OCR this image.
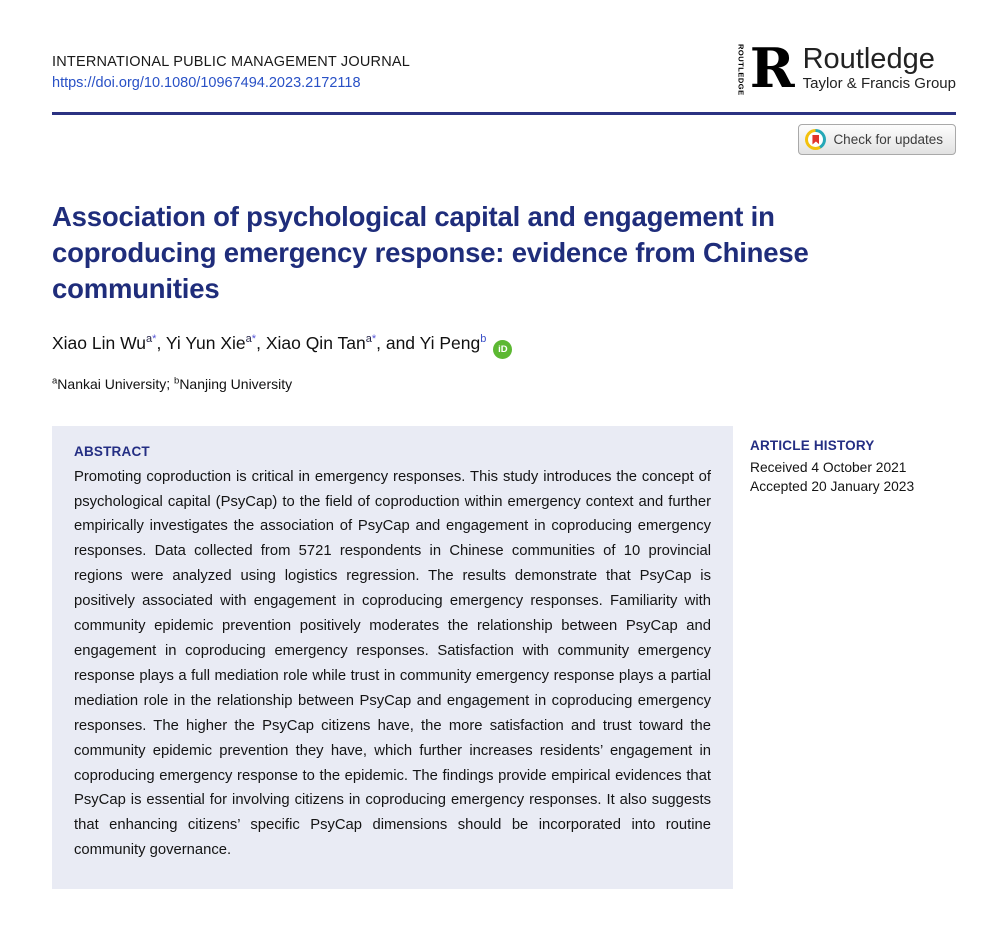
INTERNATIONAL PUBLIC MANAGEMENT JOURNAL
https://doi.org/10.1080/10967494.2023.2172118	ROUTLEDGE R Routledge
Taylor & Francis Group
Check for updates
Association of psychological capital and engagement in coproducing emergency response: evidence from Chinese communities
Xiao Lin Wu$^{a*}$, Yi Yun Xie$^{a*}$, Xiao Qin Tan$^{a*}$, and Yi Peng$^b$iD
$^a$Nankai University; $^b$Nanjing University
ABSTRACT
Promoting coproduction is critical in emergency responses. This study introduces the concept of psychological capital (PsyCap) to the field of coproduction within emergency context and further empirically investigates the association of PsyCap and engagement in coproducing emergency responses. Data collected from 5721 respondents in Chinese communities of 10 provincial regions were analyzed using logistics regression. The results demonstrate that PsyCap is positively associated with engagement in coproducing emergency responses. Familiarity with community epidemic prevention positively moderates the relationship between PsyCap and engagement in coproducing emergency responses. Satisfaction with community emergency response plays a full mediation role while trust in community emergency response plays a partial mediation role in the relationship between PsyCap and engagement in coproducing emergency responses. The higher the PsyCap citizens have, the more satisfaction and trust toward the community epidemic prevention they have, which further increases residents’ engagement in coproducing emergency response to the epidemic. The findings provide empirical evidences that PsyCap is essential for involving citizens in coproducing emergency responses. It also suggests that enhancing citizens’ specific PsyCap dimensions should be incorporated into routine community governance.
ARTICLE HISTORY
Received 4 October 2021
Accepted 20 January 2023
